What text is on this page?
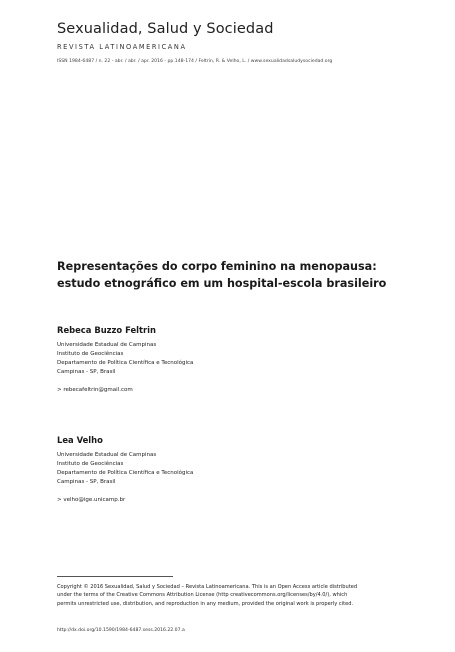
Sexualidad, Salud y Sociedad
REVISTA LATINOAMERICANA
ISSN 1984-6487 / n. 22 - abr. / abr. / apr. 2016 - pp.148-174 / Feltrin, R. & Velho, L. / www.sexualidadsaludysociedad.org
Representações do corpo feminino na menopausa:
estudo etnográfico em um hospital-escola brasileiro
Rebeca Buzzo Feltrin
Universidade Estadual de Campinas
Instituto de Geociências
Departamento de Política Científica e Tecnológica
Campinas - SP, Brasil
> rebecafeltrin@gmail.com
Lea Velho
Universidade Estadual de Campinas
Instituto de Geociências
Departamento de Política Científica e Tecnológica
Campinas - SP, Brasil
> velho@ige.unicamp.br
Copyright © 2016 Sexualidad, Salud y Sociedad – Revista Latinoamericana. This is an Open Access article distributed
under the terms of the Creative Commons Attribution License (http creativecommons.org/licenses/by/4.0/), which
permits unrestricted use, distribution, and reproduction in any medium, provided the original work is properly cited.
http://dx.doi.org/10.1590/1984-6487.sess.2016.22.07.a
